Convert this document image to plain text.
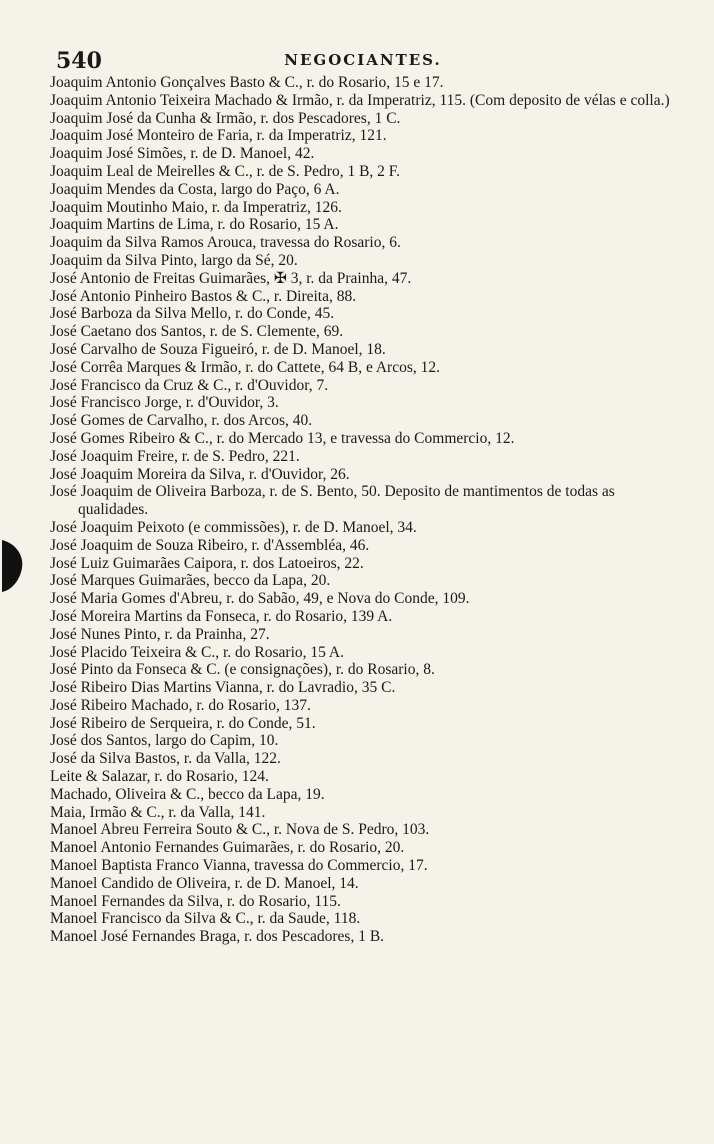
540	NEGOCIANTES.

Joaquim Antonio Gonçalves Basto & C., r. do Rosario, 15 e 17.

Joaquim Antonio Teixeira Machado & Irmão, r. da Imperatriz, 115. (Com deposito de vélas e colla.)

Joaquim José da Cunha & Irmão, r. dos Pescadores, 1 C.

Joaquim José Monteiro de Faria, r. da Imperatriz, 121.

Joaquim José Simões, r. de D. Manoel, 42.

Joaquim Leal de Meirelles & C., r. de S. Pedro, 1 B, 2 F.

Joaquim Mendes da Costa, largo do Paço, 6 A.

Joaquim Moutinho Maio, r. da Imperatriz, 126.

Joaquim Martins de Lima, r. do Rosario, 15 A.

Joaquim da Silva Ramos Arouca, travessa do Rosario, 6.

Joaquim da Silva Pinto, largo da Sé, 20.

José Antonio de Freitas Guimarães, ✠ 3, r. da Prainha, 47.

José Antonio Pinheiro Bastos & C., r. Direita, 88.

José Barboza da Silva Mello, r. do Conde, 45.

José Caetano dos Santos, r. de S. Clemente, 69.

José Carvalho de Souza Figueiró, r. de D. Manoel, 18.

José Corrêa Marques & Irmão, r. do Cattete, 64 B, e Arcos, 12.

José Francisco da Cruz & C., r. d'Ouvidor, 7.

José Francisco Jorge, r. d'Ouvidor, 3.

José Gomes de Carvalho, r. dos Arcos, 40.

José Gomes Ribeiro & C., r. do Mercado 13, e travessa do Commercio, 12.

José Joaquim Freire, r. de S. Pedro, 221.

José Joaquim Moreira da Silva, r. d'Ouvidor, 26.

José Joaquim de Oliveira Barboza, r. de S. Bento, 50. Deposito de mantimentos de todas as qualidades.

José Joaquim Peixoto (e commissões), r. de D. Manoel, 34.

José Joaquim de Souza Ribeiro, r. d'Assembléa, 46.

José Luiz Guimarães Caipora, r. dos Latoeiros, 22.

José Marques Guimarães, becco da Lapa, 20.

José Maria Gomes d'Abreu, r. do Sabão, 49, e Nova do Conde, 109.

José Moreira Martins da Fonseca, r. do Rosario, 139 A.

José Nunes Pinto, r. da Prainha, 27.

José Placido Teixeira & C., r. do Rosario, 15 A.

José Pinto da Fonseca & C. (e consignações), r. do Rosario, 8.

José Ribeiro Dias Martins Vianna, r. do Lavradio, 35 C.

José Ribeiro Machado, r. do Rosario, 137.

José Ribeiro de Serqueira, r. do Conde, 51.

José dos Santos, largo do Capim, 10.

José da Silva Bastos, r. da Valla, 122.

Leite & Salazar, r. do Rosario, 124.

Machado, Oliveira & C., becco da Lapa, 19.

Maia, Irmão & C., r. da Valla, 141.

Manoel Abreu Ferreira Souto & C., r. Nova de S. Pedro, 103.

Manoel Antonio Fernandes Guimarães, r. do Rosario, 20.

Manoel Baptista Franco Vianna, travessa do Commercio, 17.

Manoel Candido de Oliveira, r. de D. Manoel, 14.

Manoel Fernandes da Silva, r. do Rosario, 115.

Manoel Francisco da Silva & C., r. da Saude, 118.

Manoel José Fernandes Braga, r. dos Pescadores, 1 B.
